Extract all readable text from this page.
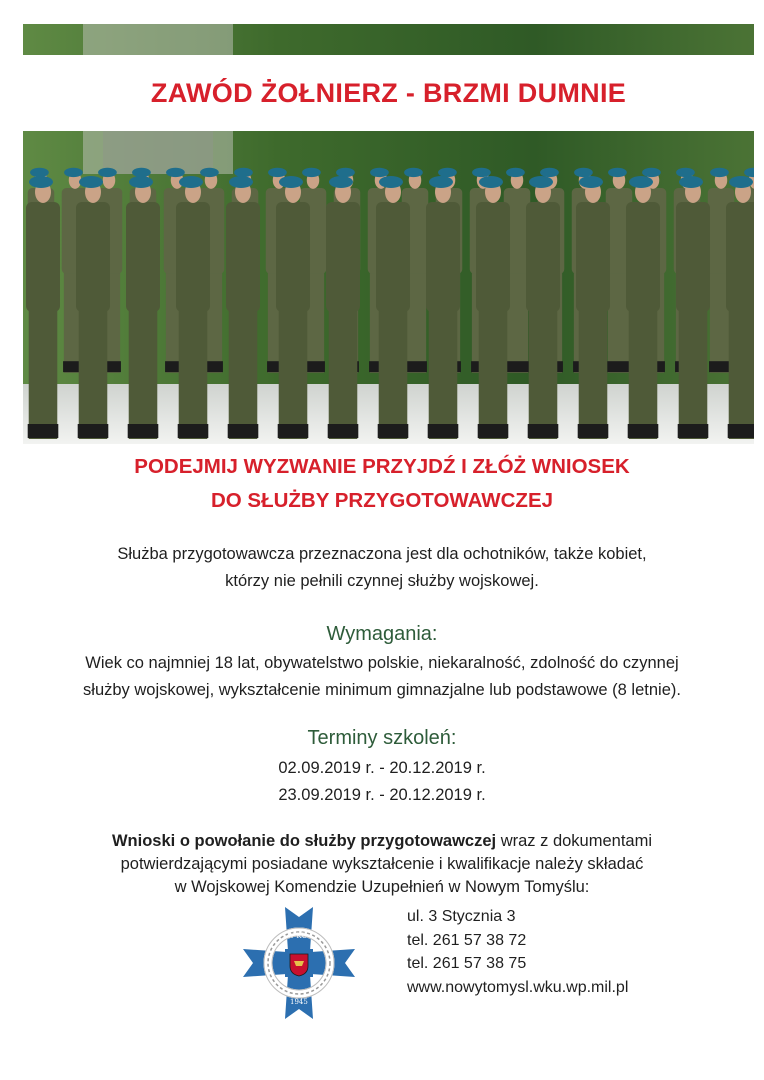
ZAWÓD ŻOŁNIERZ - BRZMI DUMNIE
PODEJMIJ WYZWANIE PRZYJDŹ I ZŁÓŻ WNIOSEK
DO SŁUŻBY PRZYGOTOWAWCZEJ
Służba przygotowawcza przeznaczona jest dla ochotników, także kobiet,
którzy nie pełnili czynnej służby wojskowej.
Wymagania:
Wiek co najmniej 18 lat, obywatelstwo polskie, niekaralność, zdolność do czynnej
służby wojskowej, wykształcenie minimum gimnazjalne lub podstawowe (8 letnie).
Terminy szkoleń:
02.09.2019 r. - 20.12.2019 r.
23.09.2019 r. - 20.12.2019 r.
Wnioski o powołanie do służby przygotowawczej wraz z dokumentami
potwierdzającymi posiadane wykształcenie i kwalifikacje należy składać
w Wojskowej Komendzie Uzupełnień w Nowym Tomyślu:
W KU
1945
ul. 3 Stycznia 3
tel. 261 57 38 72
tel. 261 57 38 75
www.nowytomysl.wku.wp.mil.pl
